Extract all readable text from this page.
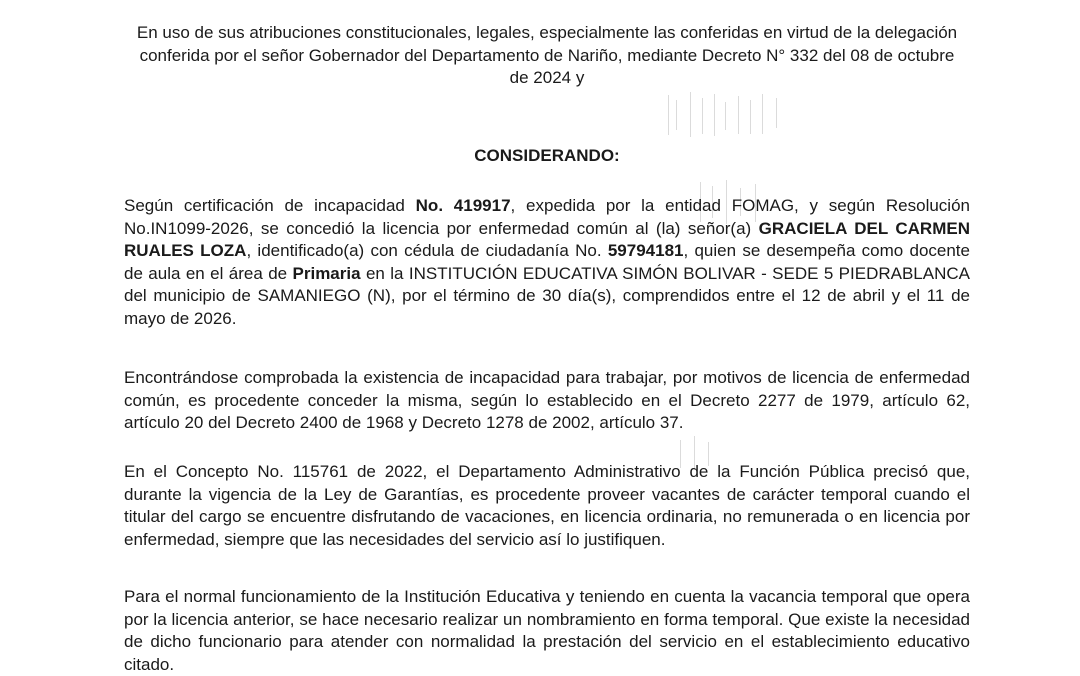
En uso de sus atribuciones constitucionales, legales, especialmente las conferidas en virtud de la delegación
conferida por el señor Gobernador del Departamento de Nariño, mediante Decreto N° 332 del 08 de octubre
de 2024 y
CONSIDERANDO:

Según certificación de incapacidad No. 419917, expedida por la entidad FOMAG, y según Resolución No.IN1099-2026, se concedió la licencia por enfermedad común al (la) señor(a) GRACIELA DEL CARMEN RUALES LOZA, identificado(a) con cédula de ciudadanía No. 59794181, quien se desempeña como docente de aula en el área de Primaria en la INSTITUCIÓN EDUCATIVA SIMÓN BOLIVAR - SEDE 5 PIEDRABLANCA del municipio de SAMANIEGO (N), por el término de 30 día(s), comprendidos entre el 12 de abril y el 11 de mayo de 2026.

Encontrándose comprobada la existencia de incapacidad para trabajar, por motivos de licencia de enfermedad común, es procedente conceder la misma, según lo establecido en el Decreto 2277 de 1979, artículo 62, artículo 20 del Decreto 2400 de 1968 y Decreto 1278 de 2002, artículo 37.

En el Concepto No. 115761 de 2022, el Departamento Administrativo de la Función Pública precisó que, durante la vigencia de la Ley de Garantías, es procedente proveer vacantes de carácter temporal cuando el titular del cargo se encuentre disfrutando de vacaciones, en licencia ordinaria, no remunerada o en licencia por enfermedad, siempre que las necesidades del servicio así lo justifiquen.

Para el normal funcionamiento de la Institución Educativa y teniendo en cuenta la vacancia temporal que opera por la licencia anterior, se hace necesario realizar un nombramiento en forma temporal. Que existe la necesidad de dicho funcionario para atender con normalidad la prestación del servicio en el establecimiento educativo citado.
